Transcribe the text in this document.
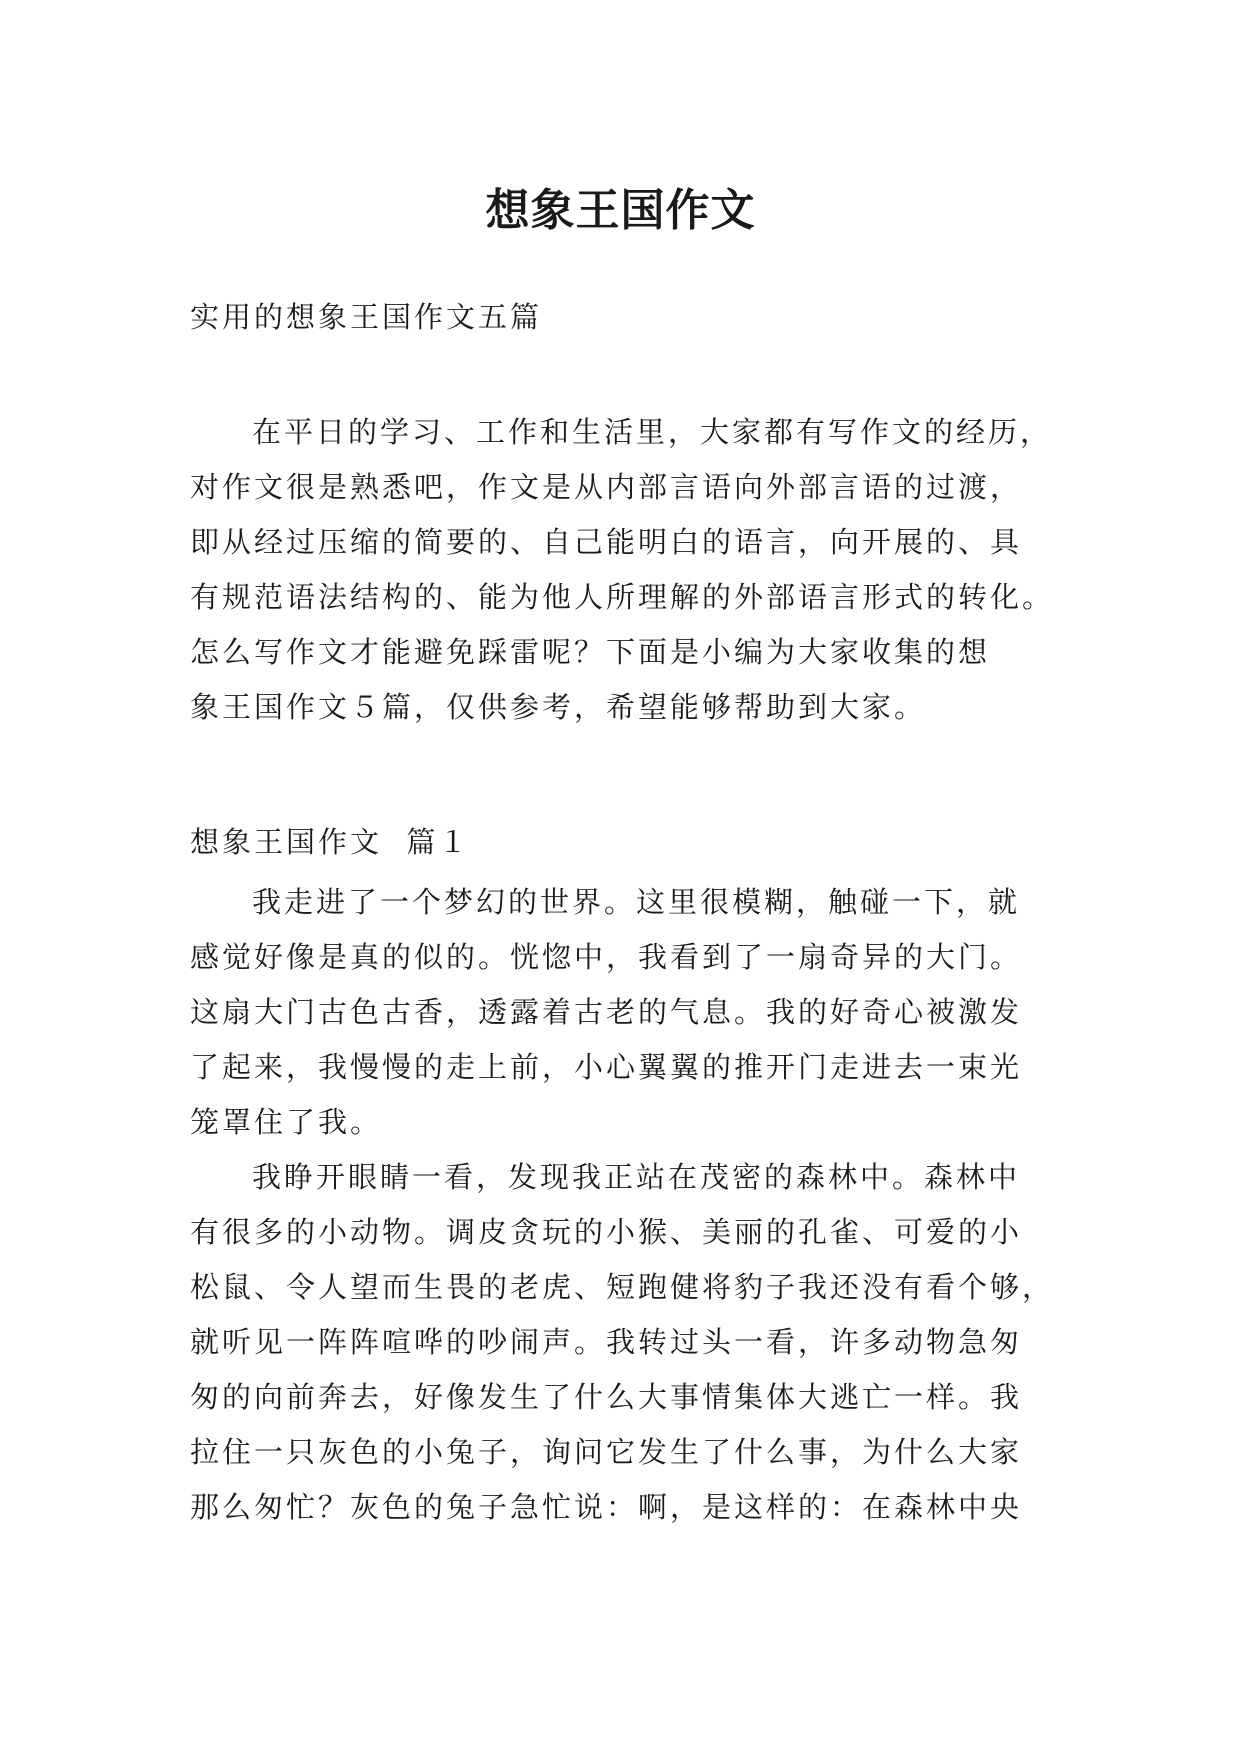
想象王国作文

实用的想象王国作文五篇

在平日的学习、工作和生活里，大家都有写作文的经历，
对作文很是熟悉吧，作文是从内部言语向外部言语的过渡，
即从经过压缩的简要的、自己能明白的语言，向开展的、具
有规范语法结构的、能为他人所理解的外部语言形式的转化。
怎么写作文才能避免踩雷呢？下面是小编为大家收集的想
象王国作文５篇，仅供参考，希望能够帮助到大家。

想象王国作文  篇１

我走进了一个梦幻的世界。这里很模糊，触碰一下，就
感觉好像是真的似的。恍惚中，我看到了一扇奇异的大门。
这扇大门古色古香，透露着古老的气息。我的好奇心被激发
了起来，我慢慢的走上前，小心翼翼的推开门走进去一束光
笼罩住了我。
我睁开眼睛一看，发现我正站在茂密的森林中。森林中
有很多的小动物。调皮贪玩的小猴、美丽的孔雀、可爱的小
松鼠、令人望而生畏的老虎、短跑健将豹子我还没有看个够，
就听见一阵阵喧哗的吵闹声。我转过头一看，许多动物急匆
匆的向前奔去，好像发生了什么大事情集体大逃亡一样。我
拉住一只灰色的小兔子，询问它发生了什么事，为什么大家
那么匆忙？灰色的兔子急忙说：啊，是这样的：在森林中央
